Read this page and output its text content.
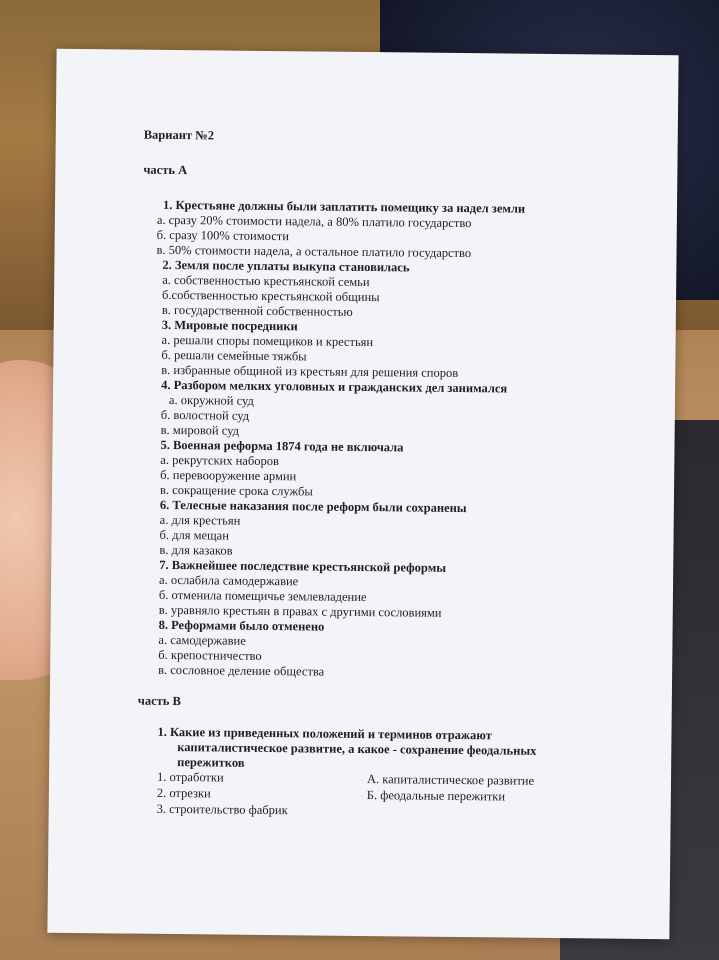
Вариант №2
часть А
1. Крестьяне должны были заплатить помещику за надел земли
а. сразу 20% стоимости надела, а 80% платило государство
б. сразу 100% стоимости
в. 50% стоимости надела, а остальное платило государство
2. Земля после уплаты выкупа становилась
а. собственностью крестьянской семьи
б.собственностью крестьянской общины
в. государственной собственностью
3. Мировые посредники
а. решали споры помещиков и крестьян
б. решали семейные тяжбы
в. избранные общиной из крестьян для решения споров
4. Разбором мелких уголовных и гражданских дел занимался
а. окружной суд
б. волостной суд
в. мировой суд
5. Военная реформа 1874 года не включала
а. рекрутских наборов
б. перевооружение армии
в. сокращение срока службы
6. Телесные наказания после реформ были сохранены
а. для крестьян
б. для мещан
в. для казаков
7. Важнейшее последствие крестьянской реформы
а. ослабила самодержавие
б. отменила помещичье землевладение
в. уравняло крестьян в правах с другими сословиями
8. Реформами было отменено
а. самодержавие
б. крепостничество
в. сословное деление общества
часть В
1. Какие из приведенных положений и терминов отражают
капиталистическое развитие, а какое - сохранение феодальных
пережитков
1. отработки	А. капиталистическое развитие
2. отрезки	Б. феодальные пережитки
3. строительство фабрик
